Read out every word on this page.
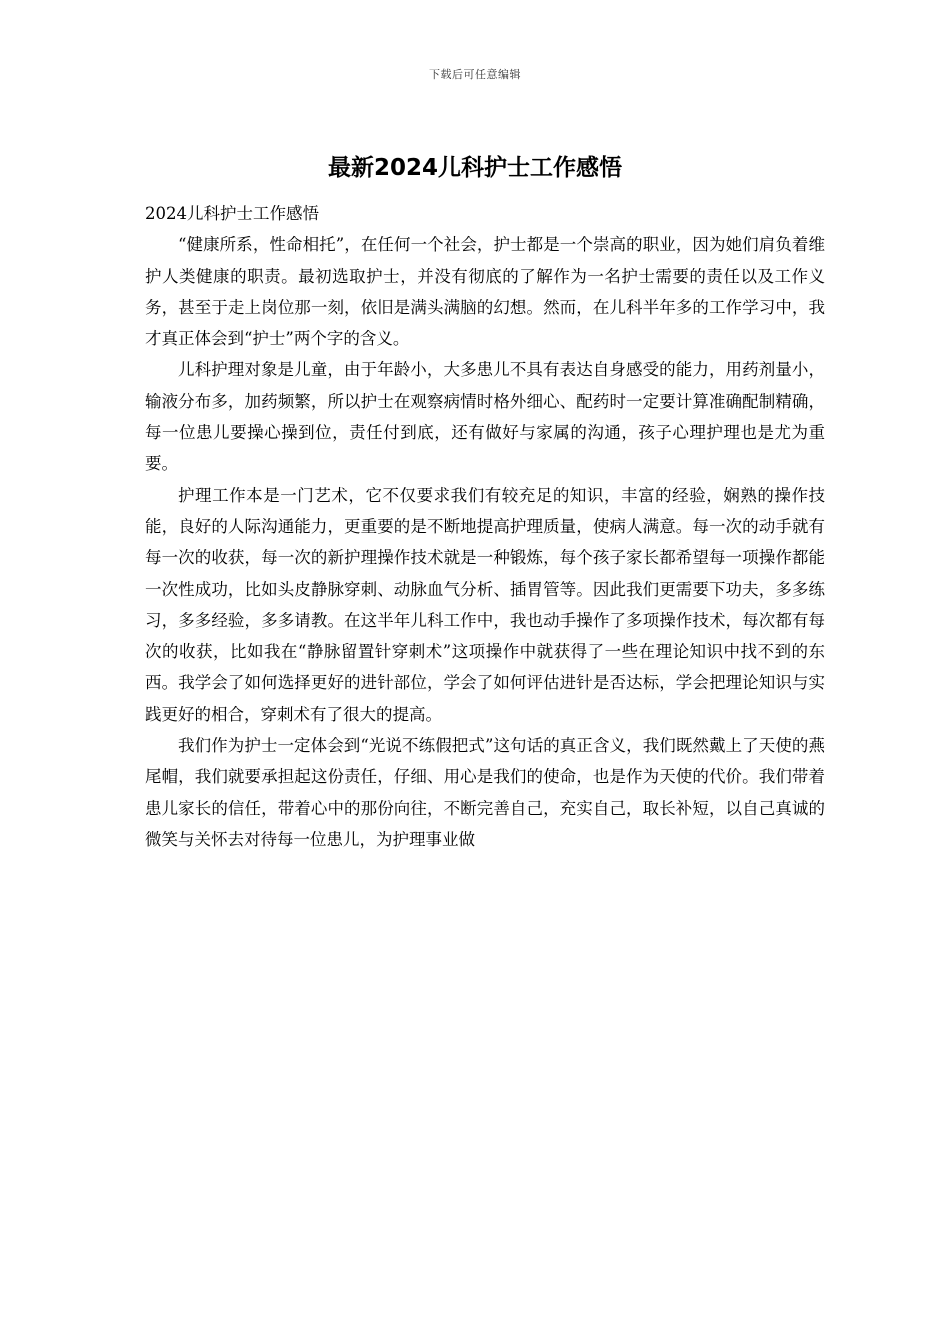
下载后可任意编辑
最新2024儿科护士工作感悟

2024儿科护士工作感悟

“健康所系，性命相托”，在任何一个社会，护士都是一个崇高的职业，因为她们肩负着维护人类健康的职责。最初选取护士，并没有彻底的了解作为一名护士需要的责任以及工作义务，甚至于走上岗位那一刻，依旧是满头满脑的幻想。然而，在儿科半年多的工作学习中，我才真正体会到“护士”两个字的含义。

儿科护理对象是儿童，由于年龄小，大多患儿不具有表达自身感受的能力，用药剂量小，输液分布多，加药频繁，所以护士在观察病情时格外细心、配药时一定要计算准确配制精确，每一位患儿要操心操到位，责任付到底，还有做好与家属的沟通，孩子心理护理也是尤为重要。

护理工作本是一门艺术，它不仅要求我们有较充足的知识，丰富的经验，娴熟的操作技能，良好的人际沟通能力，更重要的是不断地提高护理质量，使病人满意。每一次的动手就有每一次的收获，每一次的新护理操作技术就是一种锻炼，每个孩子家长都希望每一项操作都能一次性成功，比如头皮静脉穿刺、动脉血气分析、插胃管等。因此我们更需要下功夫，多多练习，多多经验，多多请教。在这半年儿科工作中，我也动手操作了多项操作技术，每次都有每次的收获，比如我在“静脉留置针穿刺术”这项操作中就获得了一些在理论知识中找不到的东西。我学会了如何选择更好的进针部位，学会了如何评估进针是否达标，学会把理论知识与实践更好的相合，穿刺术有了很大的提高。

我们作为护士一定体会到“光说不练假把式”这句话的真正含义，我们既然戴上了天使的燕尾帽，我们就要承担起这份责任，仔细、用心是我们的使命，也是作为天使的代价。我们带着患儿家长的信任，带着心中的那份向往，不断完善自己，充实自己，取长补短，以自己真诚的微笑与关怀去对待每一位患儿，为护理事业做
